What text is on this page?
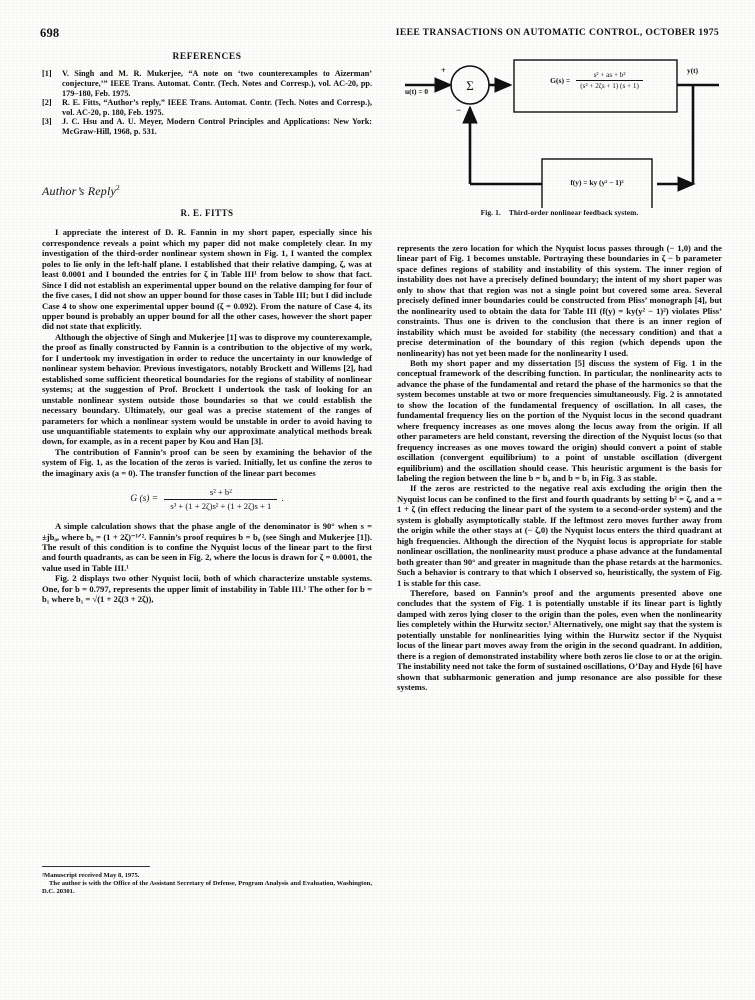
698	IEEE TRANSACTIONS ON AUTOMATIC CONTROL, OCTOBER 1975
REFERENCES
[1] V. Singh and M. R. Mukerjee, “A note on ‘two counterexamples to Aizerman’ conjecture,’” IEEE Trans. Automat. Contr. (Tech. Notes and Corresp.), vol. AC-20, pp. 179–180, Feb. 1975.
[2] R. E. Fitts, “Author’s reply,” IEEE Trans. Automat. Contr. (Tech. Notes and Corresp.), vol. AC-20, p. 180, Feb. 1975.
[3] J. C. Hsu and A. U. Meyer, Modern Control Principles and Applications: New York: McGraw-Hill, 1968, p. 531.
Author’s Reply$^2$
R. E. FITTS

I appreciate the interest of D. R. Fannin in my short paper, especially since his correspondence reveals a point which my paper did not make completely clear. In my investigation of the third-order nonlinear system shown in Fig. 1, I wanted the complex poles to lie only in the left-half plane. I established that their relative damping, ζ, was at least 0.0001 and I bounded the entries for ζ in Table III¹ from below to show that fact. Since I did not establish an experimental upper bound on the relative damping for four of the five cases, I did not show an upper bound for those cases in Table III; but I did include Case 4 to show one experimental upper bound (ζ = 0.092). From the nature of Case 4, its upper bound is probably an upper bound for all the other cases, however the short paper did not state that explicitly.

Although the objective of Singh and Mukerjee [1] was to disprove my counterexample, the proof as finally constructed by Fannin is a contribution to the objective of my work, for I undertook my investigation in order to reduce the uncertainty in our knowledge of nonlinear system behavior. Previous investigators, notably Brockett and Willems [2], had established some sufficient theoretical boundaries for the regions of stability of nonlinear systems; at the suggestion of Prof. Brockett I undertook the task of looking for an unstable nonlinear system outside those boundaries so that we could establish the necessary boundary. Ultimately, our goal was a precise statement of the ranges of parameters for which a nonlinear system would be unstable in order to avoid having to use unquantifiable statements to explain why our approximate analytical methods break down, for example, as in a recent paper by Kou and Han [3].

The contribution of Fannin’s proof can be seen by examining the behavior of the system of Fig. 1, as the location of the zeros is varied. Initially, let us confine the zeros to the imaginary axis (a = 0). The transfer function of the linear part becomes

G $(s) = \frac{\text{s² + b²}}{\text{s³ + (1 + 2ζ)s² + (1 + 2ζ)s + 1}}$ .

A simple calculation shows that the phase angle of the denominator is 90° when s = ±jb₀, where b₀ = (1 + 2ζ)⁻¹ᐟ². Fannin’s proof requires b = b₀ (see Singh and Mukerjee [1]). The result of this condition is to confine the Nyquist locus of the linear part to the first and fourth quadrants, as can be seen in Fig. 2, where the locus is drawn for ζ = 0.0001, the value used in Table III.¹

Fig. 2 displays two other Nyquist locii, both of which characterize unstable systems. One, for b = 0.797, represents the upper limit of instability in Table III.¹ The other for b = b₁ where b₁ = √(1 + 2ζ(3 + 2ζ)),

²Manuscript received May 8, 1975.

The author is with the Office of the Assistant Secretary of Defense, Program Analysis and Evaluation, Washington, D.C. 20301.

Σ
u(t) = 0
+
−
y(t)
$G(s) = \frac{\text{s² + as + b²}}{\text{(s² + 2ζs + 1) (s + 1)}}$
f(y) = ky (y² − 1)²
Fig. 1. Third-order nonlinear feedback system.

represents the zero location for which the Nyquist locus passes through (− 1,0) and the linear part of Fig. 1 becomes unstable. Portraying these boundaries in ζ − b parameter space defines regions of stability and instability of this system. The inner region of instability does not have a precisely defined boundary; the intent of my short paper was only to show that that region was not a single point but covered some area. Several precisely defined inner boundaries could be constructed from Pliss’ monograph [4], but the nonlinearity used to obtain the data for Table III (f(y) = ky(y² − 1)²) violates Pliss’ constraints. Thus one is driven to the conclusion that there is an inner region of instability which must be avoided for stability (the necessary condition) and that a precise determination of the boundary of this region (which depends upon the nonlinearity) has not yet been made for the nonlinearity I used.

Both my short paper and my dissertation [5] discuss the system of Fig. 1 in the conceptual framework of the describing function. In particular, the nonlinearity acts to advance the phase of the fundamental and retard the phase of the harmonics so that the system becomes unstable at two or more frequencies simultaneously. Fig. 2 is annotated to show the location of the fundamental frequency of oscillation. In all cases, the fundamental frequency lies on the portion of the Nyquist locus in the second quadrant where frequency increases as one moves along the locus away from the origin. If all other parameters are held constant, reversing the direction of the Nyquist locus (so that frequency increases as one moves toward the origin) should convert a point of stable oscillation (convergent equilibrium) to a point of unstable oscillation (divergent equilibrium) and the oscillation should cease. This heuristic argument is the basis for labeling the region between the line b = b₀ and b = b₁ in Fig. 3 as stable.

If the zeros are restricted to the negative real axis excluding the origin then the Nyquist locus can be confined to the first and fourth quadrants by setting b² = ζ, and a = 1 + ζ (in effect reducing the linear part of the system to a second-order system) and the system is globally asymptotically stable. If the leftmost zero moves further away from the origin while the other stays at (− ζ,0) the Nyquist locus enters the third quadrant at high frequencies. Although the direction of the Nyquist locus is appropriate for stable nonlinear oscillation, the nonlinearity must produce a phase advance at the fundamental both greater than 90° and greater in magnitude than the phase retards at the harmonics. Such a behavior is contrary to that which I observed so, heuristically, the system of Fig. 1 is stable for this case.

Therefore, based on Fannin’s proof and the arguments presented above one concludes that the system of Fig. 1 is potentially unstable if its linear part is lightly damped with zeros lying closer to the origin than the poles, even when the nonlinearity lies completely within the Hurwitz sector.¹ Alternatively, one might say that the system is potentially unstable for nonlinearities lying within the Hurwitz sector if the Nyquist locus of the linear part moves away from the origin in the second quadrant. In addition, there is a region of demonstrated instability where both zeros lie close to or at the origin. The instability need not take the form of sustained oscillations, O’Day and Hyde [6] have shown that subharmonic generation and jump resonance are also possible for these systems.
